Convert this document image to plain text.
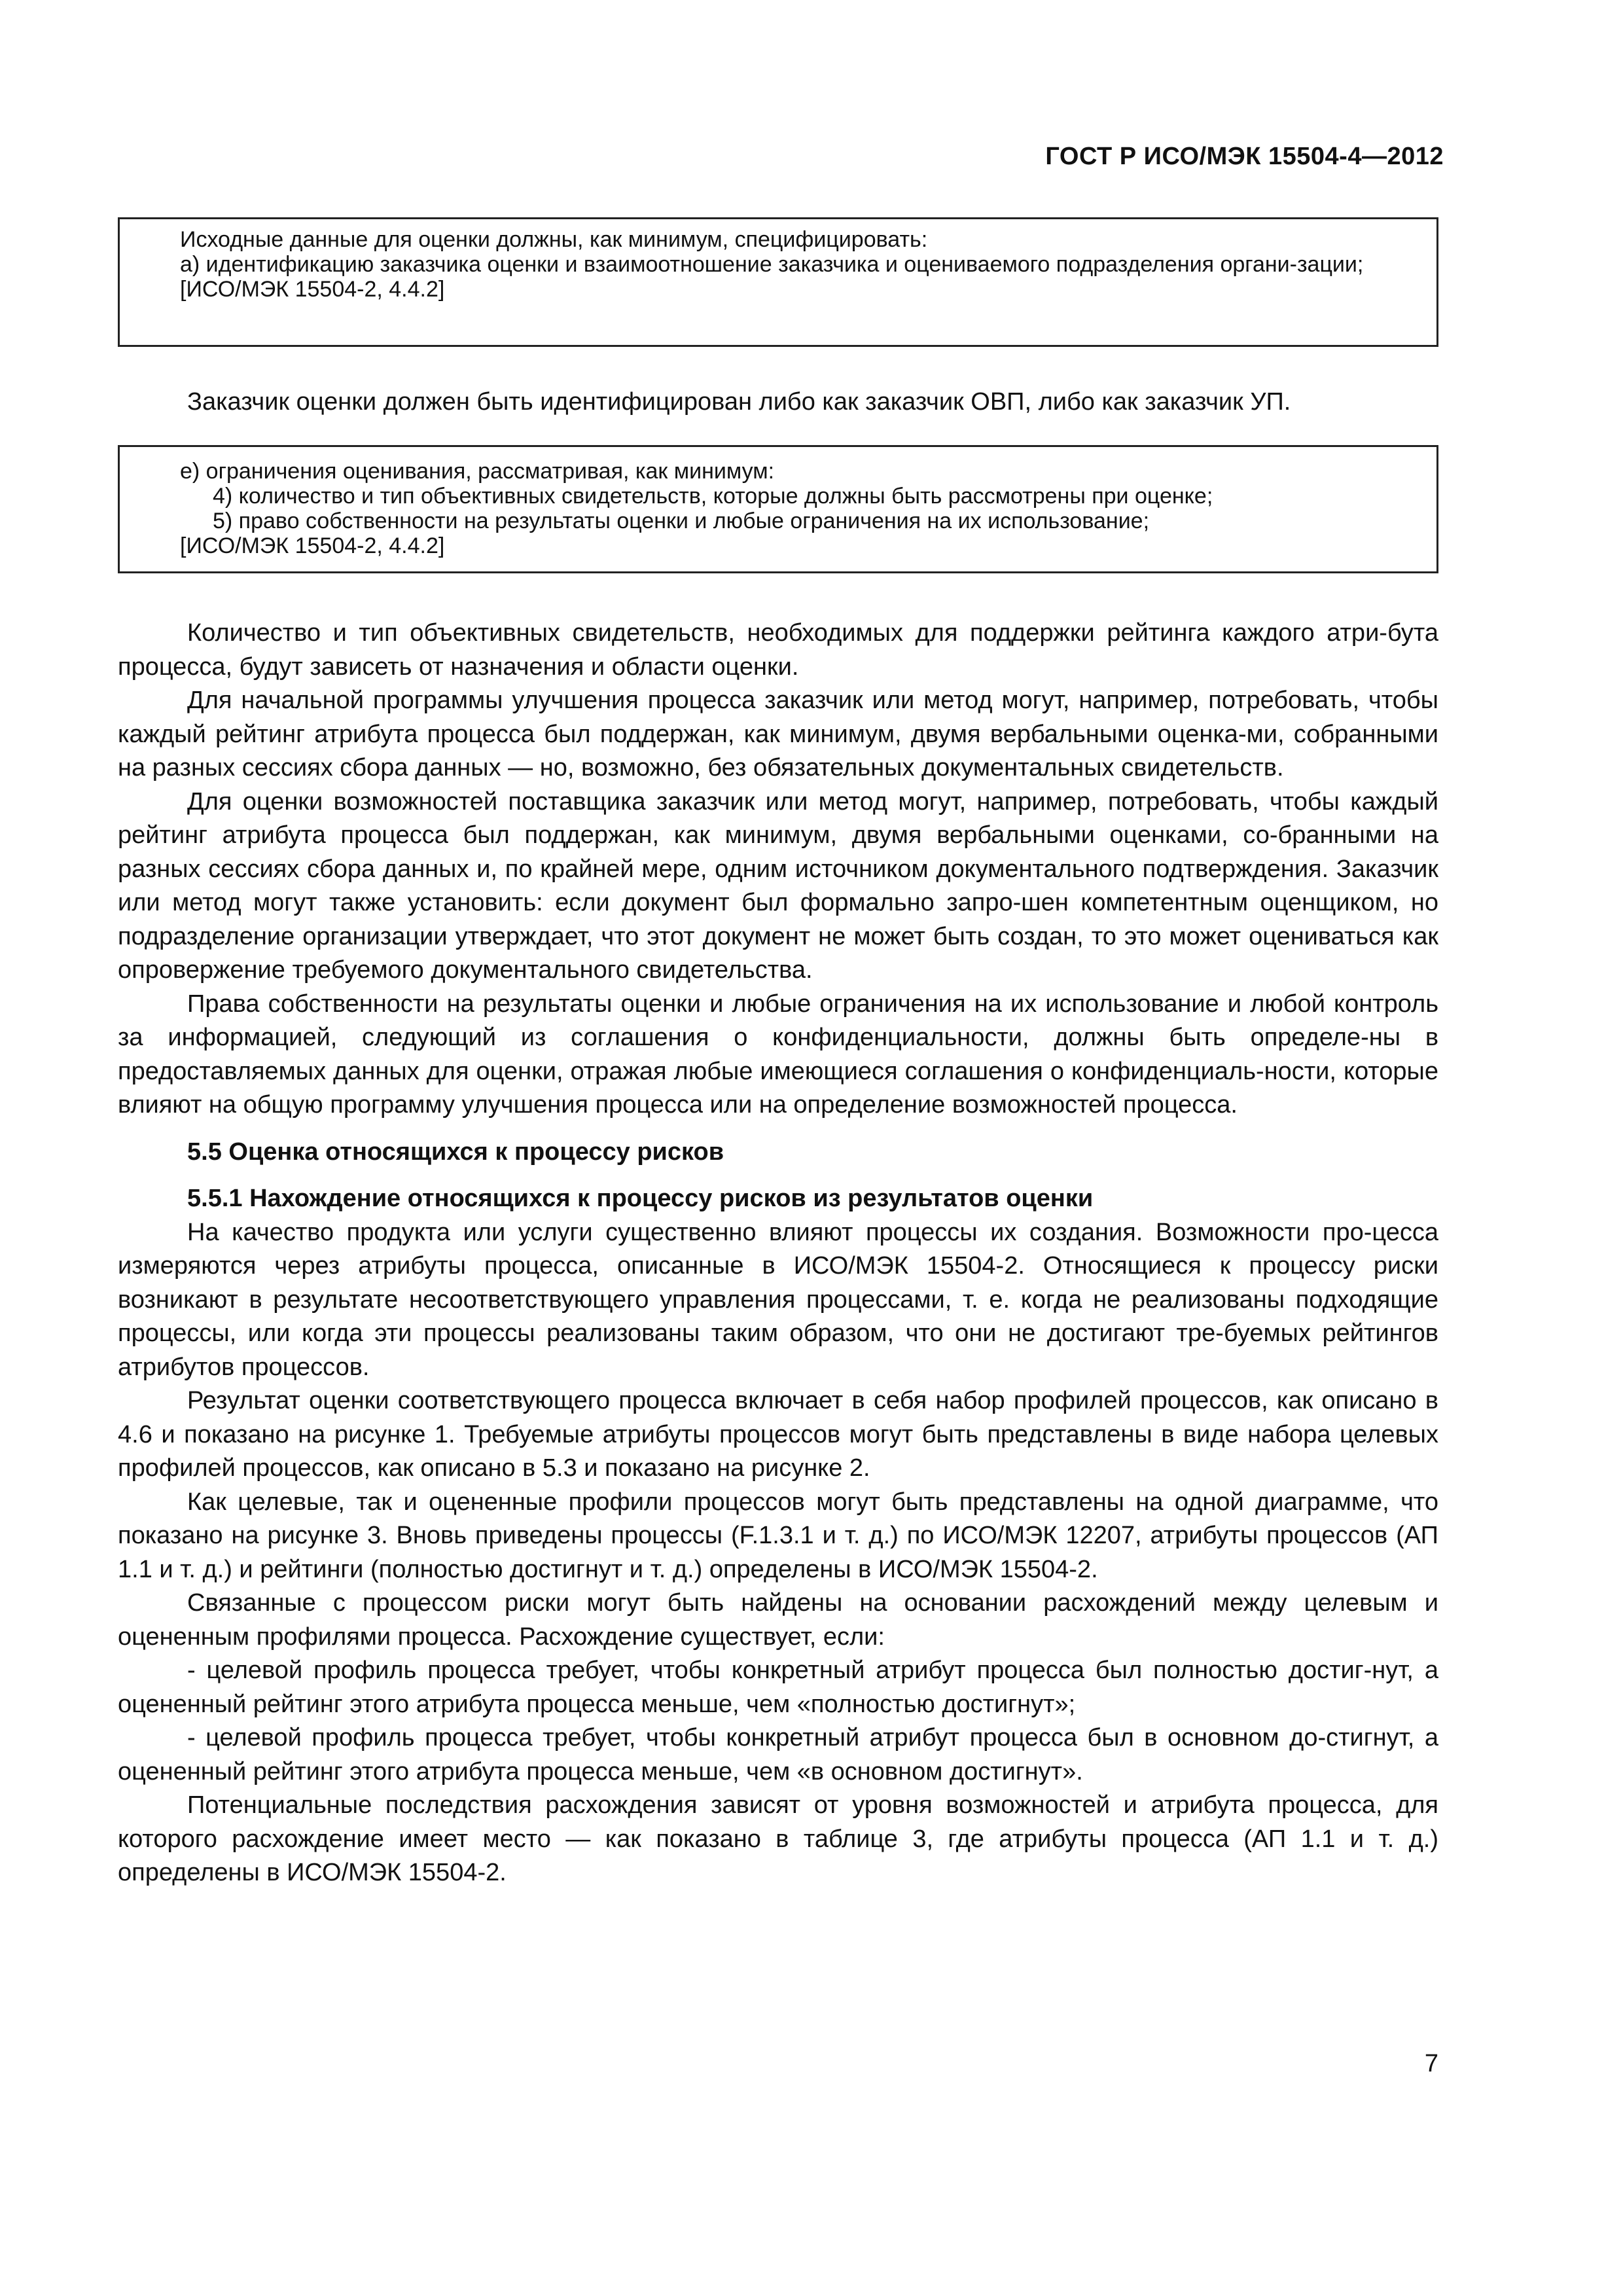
ГОСТ Р ИСО/МЭК 15504-4—2012

Исходные данные для оценки должны, как минимум, специфицировать:

a) идентификацию заказчика оценки и взаимоотношение заказчика и оцениваемого подразделения органи-зации;

[ИСО/МЭК 15504-2, 4.4.2]

Заказчик оценки должен быть идентифицирован либо как заказчик ОВП, либо как заказчик УП.

e) ограничения оценивания, рассматривая, как минимум:

4) количество и тип объективных свидетельств, которые должны быть рассмотрены при оценке;

5) право собственности на результаты оценки и любые ограничения на их использование;

[ИСО/МЭК 15504-2, 4.4.2]

Количество и тип объективных свидетельств, необходимых для поддержки рейтинга каждого атри-бута процесса, будут зависеть от назначения и области оценки.

Для начальной программы улучшения процесса заказчик или метод могут, например, потребовать, чтобы каждый рейтинг атрибута процесса был поддержан, как минимум, двумя вербальными оценка-ми, собранными на разных сессиях сбора данных — но, возможно, без обязательных документальных свидетельств.

Для оценки возможностей поставщика заказчик или метод могут, например, потребовать, чтобы каждый рейтинг атрибута процесса был поддержан, как минимум, двумя вербальными оценками, со-бранными на разных сессиях сбора данных и, по крайней мере, одним источником документального подтверждения. Заказчик или метод могут также установить: если документ был формально запро-шен компетентным оценщиком, но подразделение организации утверждает, что этот документ не может быть создан, то это может оцениваться как опровержение требуемого документального свидетельства.

Права собственности на результаты оценки и любые ограничения на их использование и любой контроль за информацией, следующий из соглашения о конфиденциальности, должны быть определе-ны в предоставляемых данных для оценки, отражая любые имеющиеся соглашения о конфиденциаль-ности, которые влияют на общую программу улучшения процесса или на определение возможностей процесса.

5.5 Оценка относящихся к процессу рисков
5.5.1 Нахождение относящихся к процессу рисков из результатов оценки

На качество продукта или услуги существенно влияют процессы их создания. Возможности про-цесса измеряются через атрибуты процесса, описанные в ИСО/МЭК 15504-2. Относящиеся к процессу риски возникают в результате несоответствующего управления процессами, т. е. когда не реализованы подходящие процессы, или когда эти процессы реализованы таким образом, что они не достигают тре-буемых рейтингов атрибутов процессов.

Результат оценки соответствующего процесса включает в себя набор профилей процессов, как описано в 4.6 и показано на рисунке 1. Требуемые атрибуты процессов могут быть представлены в виде набора целевых профилей процессов, как описано в 5.3 и показано на рисунке 2.

Как целевые, так и оцененные профили процессов могут быть представлены на одной диаграмме, что показано на рисунке 3. Вновь приведены процессы (F.1.3.1 и т. д.) по ИСО/МЭК 12207, атрибуты процессов (АП 1.1 и т. д.) и рейтинги (полностью достигнут и т. д.) определены в ИСО/МЭК 15504-2.

Связанные с процессом риски могут быть найдены на основании расхождений между целевым и оцененным профилями процесса. Расхождение существует, если:

- целевой профиль процесса требует, чтобы конкретный атрибут процесса был полностью достиг-нут, а оцененный рейтинг этого атрибута процесса меньше, чем «полностью достигнут»;

- целевой профиль процесса требует, чтобы конкретный атрибут процесса был в основном до-стигнут, а оцененный рейтинг этого атрибута процесса меньше, чем «в основном достигнут».

Потенциальные последствия расхождения зависят от уровня возможностей и атрибута процесса, для которого расхождение имеет место — как показано в таблице 3, где атрибуты процесса (АП 1.1 и т. д.) определены в ИСО/МЭК 15504-2.

7
